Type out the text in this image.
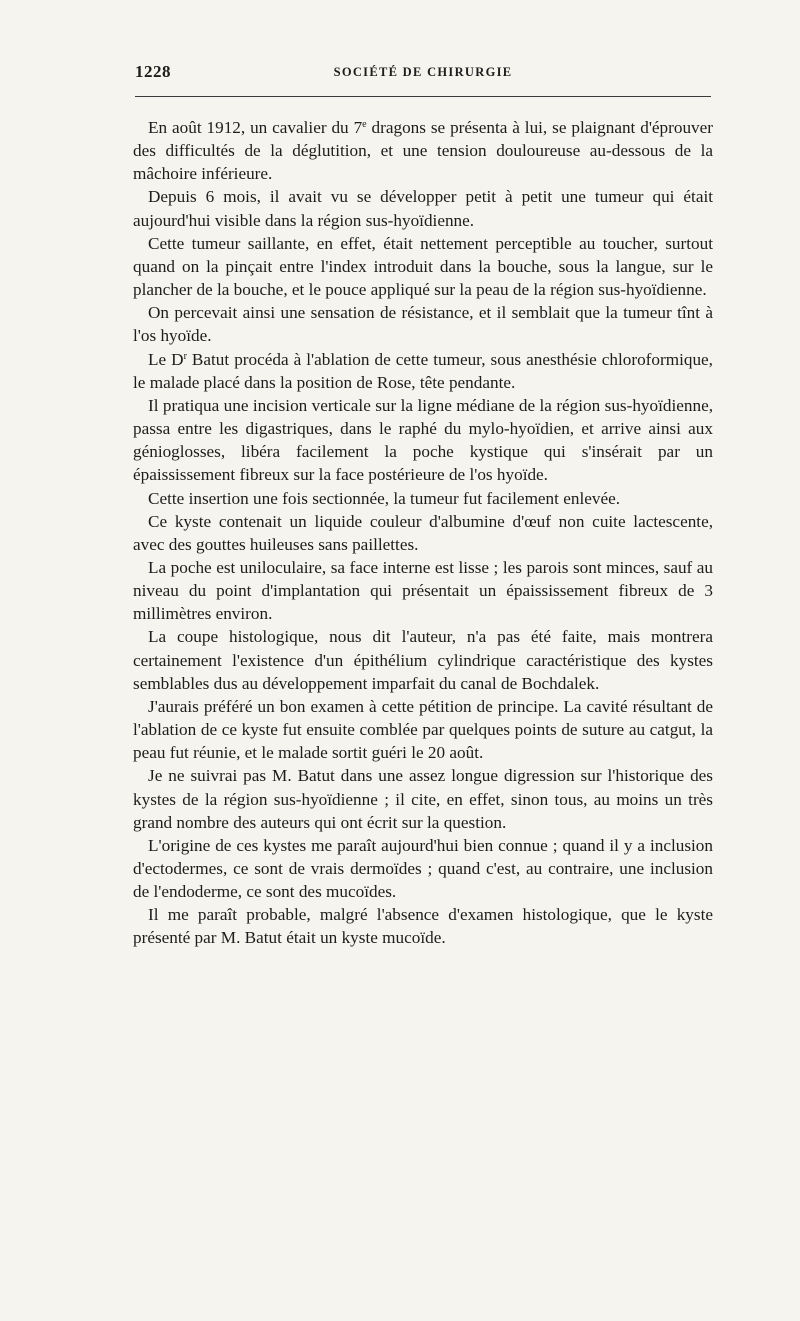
1228	SOCIÉTÉ DE CHIRURGIE

En août 1912, un cavalier du 7e dragons se présenta à lui, se plaignant d'éprouver des difficultés de la déglutition, et une tension douloureuse au-dessous de la mâchoire inférieure.

Depuis 6 mois, il avait vu se développer petit à petit une tumeur qui était aujourd'hui visible dans la région sus-hyoïdienne.

Cette tumeur saillante, en effet, était nettement perceptible au toucher, surtout quand on la pinçait entre l'index introduit dans la bouche, sous la langue, sur le plancher de la bouche, et le pouce appliqué sur la peau de la région sus-hyoïdienne.

On percevait ainsi une sensation de résistance, et il semblait que la tumeur tînt à l'os hyoïde.

Le $D^r$ Batut procéda à l'ablation de cette tumeur, sous anesthésie chloroformique, le malade placé dans la position de Rose, tête pendante.

Il pratiqua une incision verticale sur la ligne médiane de la région sus-hyoïdienne, passa entre les digastriques, dans le raphé du mylo-hyoïdien, et arrive ainsi aux génioglosses, libéra facilement la poche kystique qui s'insérait par un épaississement fibreux sur la face postérieure de l'os hyoïde.

Cette insertion une fois sectionnée, la tumeur fut facilement enlevée.

Ce kyste contenait un liquide couleur d'albumine d'œuf non cuite lactescente, avec des gouttes huileuses sans paillettes.

La poche est uniloculaire, sa face interne est lisse ; les parois sont minces, sauf au niveau du point d'implantation qui présentait un épaississement fibreux de 3 millimètres environ.

La coupe histologique, nous dit l'auteur, n'a pas été faite, mais montrera certainement l'existence d'un épithélium cylindrique caractéristique des kystes semblables dus au développement imparfait du canal de Bochdalek.

J'aurais préféré un bon examen à cette pétition de principe. La cavité résultant de l'ablation de ce kyste fut ensuite comblée par quelques points de suture au catgut, la peau fut réunie, et le malade sortit guéri le 20 août.

Je ne suivrai pas M. Batut dans une assez longue digression sur l'historique des kystes de la région sus-hyoïdienne ; il cite, en effet, sinon tous, au moins un très grand nombre des auteurs qui ont écrit sur la question.

L'origine de ces kystes me paraît aujourd'hui bien connue ; quand il y a inclusion d'ectodermes, ce sont de vrais dermoïdes ; quand c'est, au contraire, une inclusion de l'endoderme, ce sont des mucoïdes.

Il me paraît probable, malgré l'absence d'examen histologique, que le kyste présenté par M. Batut était un kyste mucoïde.
